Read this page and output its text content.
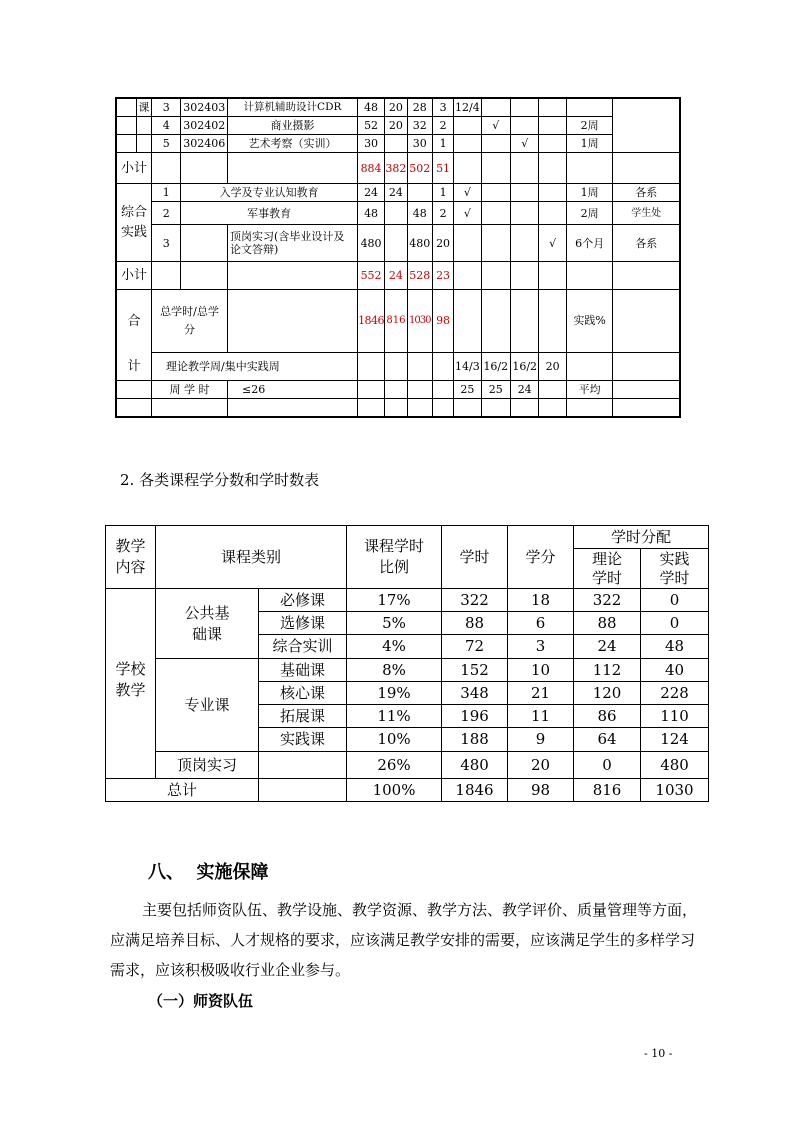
	课	3	302403	计算机辅助设计CDR	48	20	28	3	12/4					
		4	302402	商业摄影	52	20	32	2		√			2周	
		5	302406	艺术考察（实训）	30		30	1			√		1周	
小计					884	382	502	51						
综合实践		1	入学及专业认知教育		24	24		1	√				1周	各系
		2	军事教育		48		48	2	√				2周	学生处
		3		顶岗实习(含毕业设计及论文答辩)	480		480	20				√	6个月	各系
小计					552	24	528	23						
合		总学时/总学分			1846	816	1030	98					实践%	
计		理论教学周/集中实践周							14/3	16/2	16/2	20		
		周 学 时		≤26					25	25	24		平均	

2. 各类课程学分数和学时数表
教学内容	课程类别		课程学时比例	学时	学分	学时分配	
						理论学时	实践学时
学校教学	公共基础课	必修课	17%	322	18	322	0
		选修课	5%	88	6	88	0
		综合实训	4%	72	3	24	48
	专业课	基础课	8%	152	10	112	40
		核心课	19%	348	21	120	228
		拓展课	11%	196	11	86	110
		实践课	10%	188	9	64	124
	顶岗实习		26%	480	20	0	480
总计			100%	1846	98	816	1030
八、  实施保障
主要包括师资队伍、教学设施、教学资源、教学方法、教学评价、质量管理等方面，应满足培养目标、人才规格的要求，应该满足教学安排的需要，应该满足学生的多样学习需求，应该积极吸收行业企业参与。
（一）师资队伍
- 10 -
